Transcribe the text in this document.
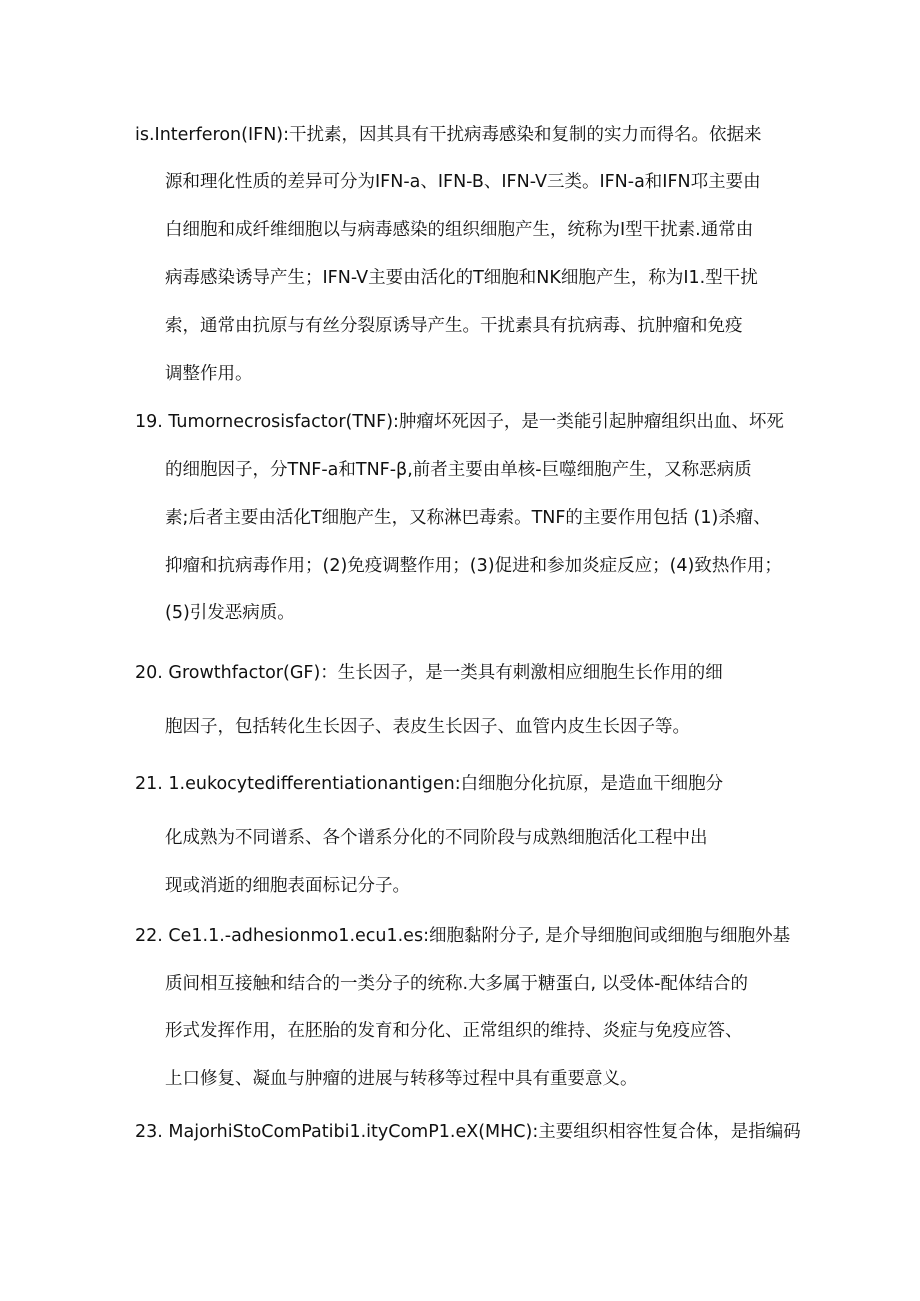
is.Interferon(IFN):干扰素，因其具有干扰病毒感染和复制的实力而得名。依据来
源和理化性质的差异可分为IFN-a、IFN-B、IFN-V三类。IFN-a和IFN邛主要由
白细胞和成纤维细胞以与病毒感染的组织细胞产生，统称为I型干扰素.通常由
病毒感染诱导产生；IFN-V主要由活化的T细胞和NK细胞产生，称为I1.型干扰
索，通常由抗原与有丝分裂原诱导产生。干扰素具有抗病毒、抗肿瘤和免疫
调整作用。
19. Tumornecrosisfactor(TNF):肿瘤坏死因子，是一类能引起肿瘤组织出血、坏死
的细胞因子，分TNF-a和TNF-β,前者主要由单核-巨噬细胞产生，又称恶病质
素;后者主要由活化T细胞产生，又称淋巴毒索。TNF的主要作用包括 (1)杀瘤、
抑瘤和抗病毒作用；(2)免疫调整作用；(3)促进和参加炎症反应；(4)致热作用；
(5)引发恶病质。
20. Growthfactor(GF)：生长因子，是一类具有刺激相应细胞生长作用的细
胞因子，包括转化生长因子、表皮生长因子、血管内皮生长因子等。
21. 1.eukocytedifferentiationantigen:白细胞分化抗原，是造血干细胞分
化成熟为不同谱系、各个谱系分化的不同阶段与成熟细胞活化工程中出
现或消逝的细胞表面标记分子。
22. Ce1.1.-adhesionmo1.ecu1.es:细胞黏附分子, 是介导细胞间或细胞与细胞外基
质间相互接触和结合的一类分子的统称.大多属于糖蛋白, 以受体-配体结合的
形式发挥作用，在胚胎的发育和分化、正常组织的维持、炎症与免疫应答、
上口修复、凝血与肿瘤的进展与转移等过程中具有重要意义。
23. MajorhiStoComPatibi1.ityComP1.eX(MHC):主要组织相容性复合体，是指编码
